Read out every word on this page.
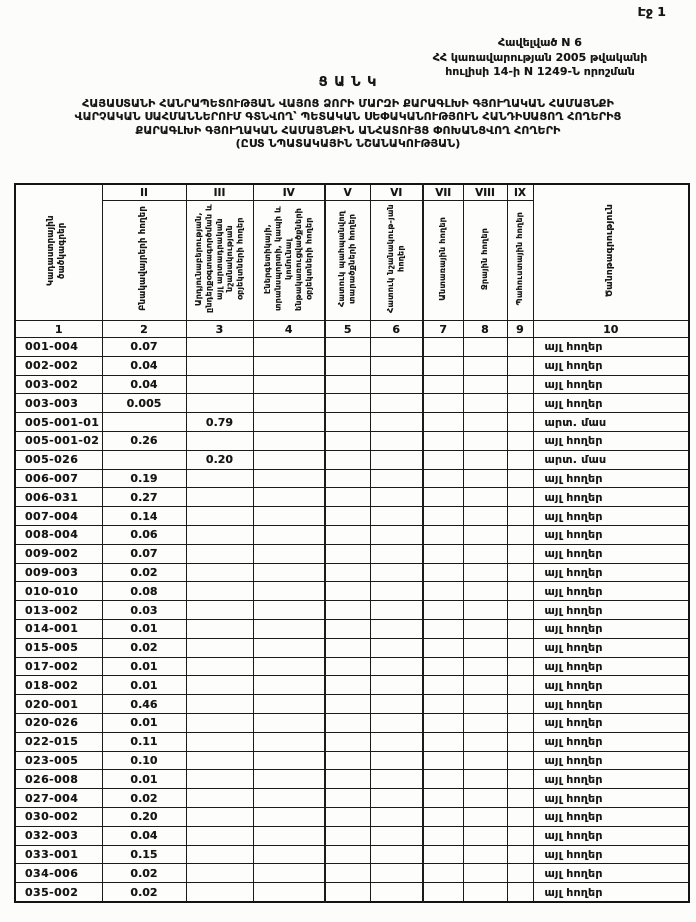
Էջ 1
Հավելված N 6
ՀՀ կառավարության 2005 թվականի
հուլիսի 14-ի N 1249-Ն որոշման
Ց Ա Ն Կ
ՀԱՅԱՍՏԱՆԻ ՀԱՆՐԱՊԵՏՈՒԹՅԱՆ ՎԱՅՈՑ ՁՈՐԻ ՄԱՐԶԻ ՔԱՐԱԳԼԽԻ ԳՅՈՒՂԱԿԱՆ ՀԱՄԱՅՆՔԻ
ՎԱՐՉԱԿԱՆ ՍԱՀՄԱՆՆԵՐՈՒՄ ԳՏՆՎՈՂ՝ ՊԵՏԱԿԱՆ ՍԵՓԱԿԱՆՈՒԹՅՈՒՆ ՀԱՆԴԻՍԱՑՈՂ ՀՈՂԵՐԻՑ
ՔԱՐԱԳԼԽԻ ԳՅՈՒՂԱԿԱՆ ՀԱՄԱՅՆՔԻՆ ԱՆՀԱՏՈՒՅՑ ՓՈԽԱՆՑՎՈՂ ՀՈՂԵՐԻ
(ԸՍՏ ՆՊԱՏԱԿԱՅԻՆ ՆՇԱՆԱԿՈՒԹՅԱՆ)
Կադաստրային ծածկագրեր	II	III	IV	V	VI	VII	VIII	IX	Ծանոթագրություն
	Բնակավայրերի հողեր	Արդյունաբերության, ընդերքօգտագործման և այլ արտադրական նշանակության օբյեկտների հողեր	Էներգետիկայի, տրանսպորտի, կապի և կոմունալ ենթակառուցվածքների օբյեկտների հողեր	Հատուկ պահպանվող տարածքների հողեր	Հատուկ նշանակութ-յան հողեր	Անտառային հողեր	Ջրային հողեր	Պահուստային հողեր	
1	2	3	4	5	6	7	8	9	10
001-004	0.07								այլ հողեր
002-002	0.04								այլ հողեր
003-002	0.04								այլ հողեր
003-003	0.005								այլ հողեր
005-001-01		0.79							արտ. մաս
005-001-02	0.26								այլ հողեր
005-026		0.20							արտ. մաս
006-007	0.19								այլ հողեր
006-031	0.27								այլ հողեր
007-004	0.14								այլ հողեր
008-004	0.06								այլ հողեր
009-002	0.07								այլ հողեր
009-003	0.02								այլ հողեր
010-010	0.08								այլ հողեր
013-002	0.03								այլ հողեր
014-001	0.01								այլ հողեր
015-005	0.02								այլ հողեր
017-002	0.01								այլ հողեր
018-002	0.01								այլ հողեր
020-001	0.46								այլ հողեր
020-026	0.01								այլ հողեր
022-015	0.11								այլ հողեր
023-005	0.10								այլ հողեր
026-008	0.01								այլ հողեր
027-004	0.02								այլ հողեր
030-002	0.20								այլ հողեր
032-003	0.04								այլ հողեր
033-001	0.15								այլ հողեր
034-006	0.02								այլ հողեր
035-002	0.02								այլ հողեր
